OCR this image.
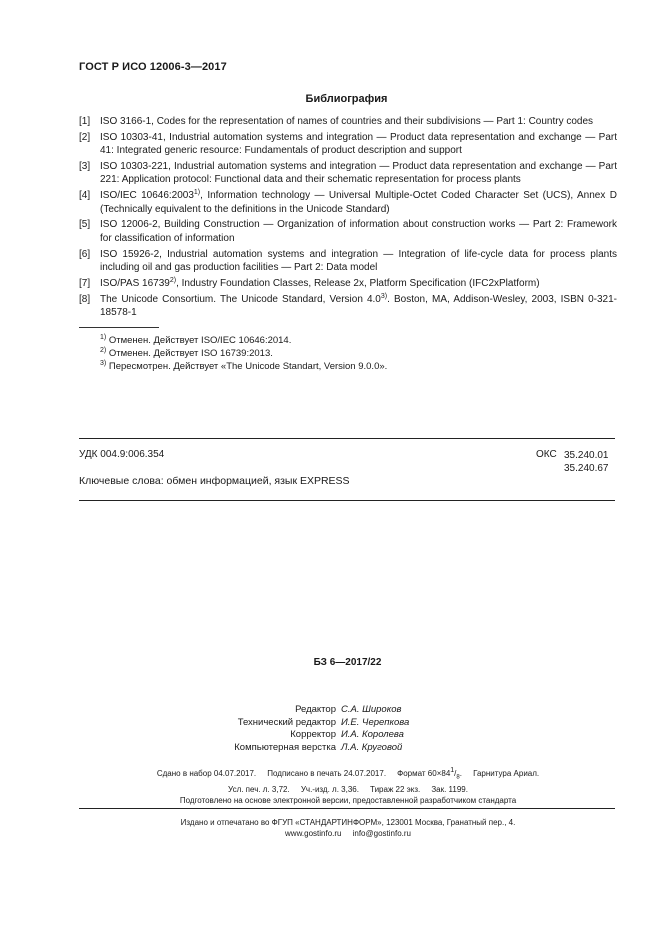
ГОСТ Р ИСО 12006-3—2017
Библиография
[1] ISO 3166-1, Codes for the representation of names of countries and their subdivisions — Part 1: Country codes
[2] ISO 10303-41, Industrial automation systems and integration — Product data representation and exchange — Part 41: Integrated generic resource: Fundamentals of product description and support
[3] ISO 10303-221, Industrial automation systems and integration — Product data representation and exchange — Part 221: Application protocol: Functional data and their schematic representation for process plants
[4] ISO/IEC 10646:2003$^{1)}$, Information technology — Universal Multiple-Octet Coded Character Set (UCS), Annex D (Technically equivalent to the definitions in the Unicode Standard)
[5] ISO 12006-2, Building Construction — Organization of information about construction works — Part 2: Framework for classification of information
[6] ISO 15926-2, Industrial automation systems and integration — Integration of life-cycle data for process plants including oil and gas production facilities — Part 2: Data model
[7] ISO/PAS 16739$^{2)}$, Industry Foundation Classes, Release 2x, Platform Specification (IFC2xPlatform)
[8] The Unicode Consortium. The Unicode Standard, Version 4.0$^{3)}$. Boston, MA, Addison-Wesley, 2003, ISBN 0-321-18578-1
$^{1)}$ Отменен. Действует ISO/IEC 10646:2014.
$^{2)}$ Отменен. Действует ISO 16739:2013.
$^{3)}$ Пересмотрен. Действует «The Unicode Standart, Version 9.0.0».
УДК 004.9:006.354	ОКС 35.240.01
35.240.67
Ключевые слова: обмен информацией, язык EXPRESS
БЗ 6—2017/22
Редактор С.А. Широков
Технический редактор И.Е. Черепкова
Корректор И.А. Королева
Компьютерная верстка Л.А. Круговой
Сдано в набор 04.07.2017.     Подписано в печать 24.07.2017.     Формат $60\times 84^1/_8$.     Гарнитура Ариал.
Усл. печ. л. 3,72.     Уч.-изд. л. 3,36.     Тираж 22 экз.     Зак. 1199.
Подготовлено на основе электронной версии, предоставленной разработчиком стандарта
Издано и отпечатано во ФГУП «СТАНДАРТИНФОРМ», 123001 Москва, Гранатный пер., 4.
www.gostinfo.ru     info@gostinfo.ru
